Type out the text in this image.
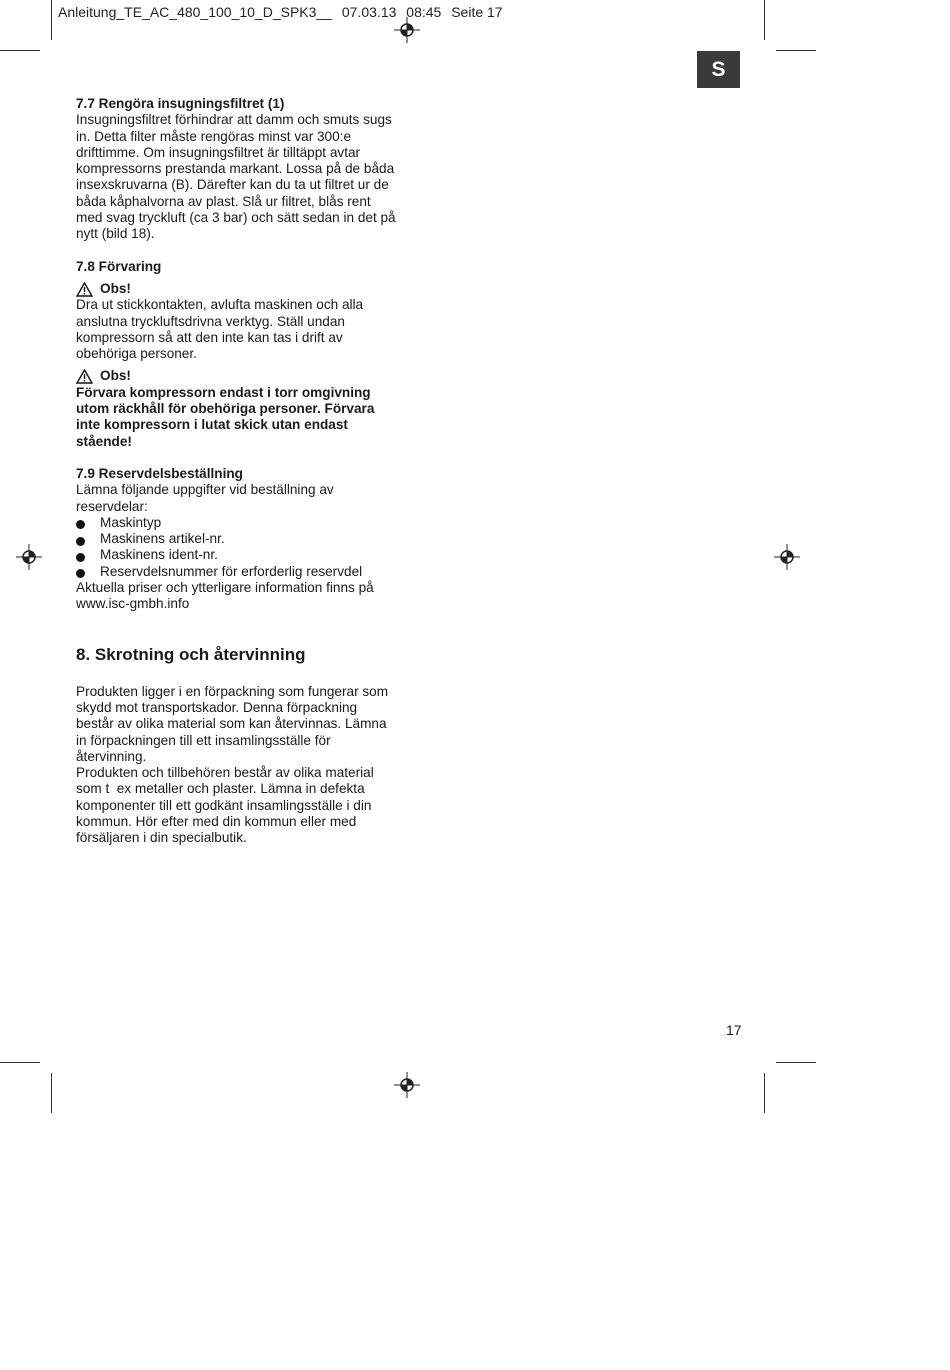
Anleitung_TE_AC_480_100_10_D_SPK3__ 07.03.13 08:45 Seite 17
S

7.7 Rengöra insugningsfiltret (1)

Insugningsfiltret förhindrar att damm och smuts sugs

in. Detta filter måste rengöras minst var 300:e

drifttimme. Om insugningsfiltret är tilltäppt avtar

kompressorns prestanda markant. Lossa på de båda

insexskruvarna (B). Därefter kan du ta ut filtret ur de

båda kåphalvorna av plast. Slå ur filtret, blås rent

med svag tryckluft (ca 3 bar) och sätt sedan in det på

nytt (bild 18).

7.8 Förvaring

Obs!

Dra ut stickkontakten, avlufta maskinen och alla

anslutna tryckluftsdrivna verktyg. Ställ undan

kompressorn så att den inte kan tas i drift av

obehöriga personer.

Obs!

Förvara kompressorn endast i torr omgivning

utom räckhåll för obehöriga personer. Förvara

inte kompressorn i lutat skick utan endast

stående!

7.9 Reservdelsbeställning

Lämna följande uppgifter vid beställning av

reservdelar:

Maskintyp
Maskinens artikel-nr.
Maskinens ident-nr.
Reservdelsnummer för erforderlig reservdel

Aktuella priser och ytterligare information finns på

www.isc-gmbh.info

8. Skrotning och återvinning

Produkten ligger i en förpackning som fungerar som

skydd mot transportskador. Denna förpackning

består av olika material som kan återvinnas. Lämna

in förpackningen till ett insamlingsställe för

återvinning.

Produkten och tillbehören består av olika material

som t  ex metaller och plaster. Lämna in defekta

komponenter till ett godkänt insamlingsställe i din

kommun. Hör efter med din kommun eller med

försäljaren i din specialbutik.

17
